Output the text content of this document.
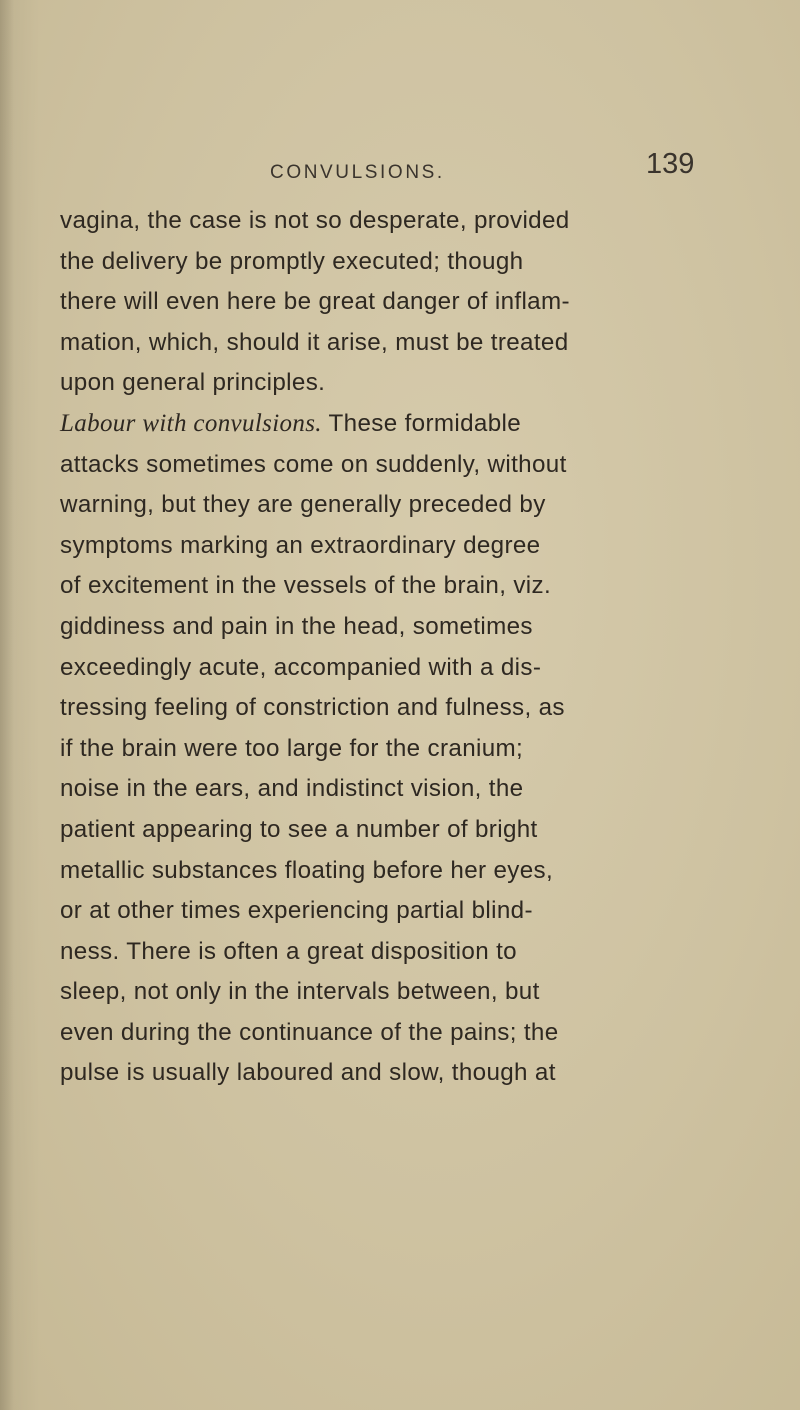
CONVULSIONS.	139
vagina, the case is not so desperate, provided
the delivery be promptly executed; though
there will even here be great danger of inflam-
mation, which, should it arise, must be treated
upon general principles.
Labour with convulsions. These formidable
attacks sometimes come on suddenly, without
warning, but they are generally preceded by
symptoms marking an extraordinary degree
of excitement in the vessels of the brain, viz.
giddiness and pain in the head, sometimes
exceedingly acute, accompanied with a dis-
tressing feeling of constriction and fulness, as
if the brain were too large for the cranium;
noise in the ears, and indistinct vision, the
patient appearing to see a number of bright
metallic substances floating before her eyes,
or at other times experiencing partial blind-
ness. There is often a great disposition to
sleep, not only in the intervals between, but
even during the continuance of the pains; the
pulse is usually laboured and slow, though at
